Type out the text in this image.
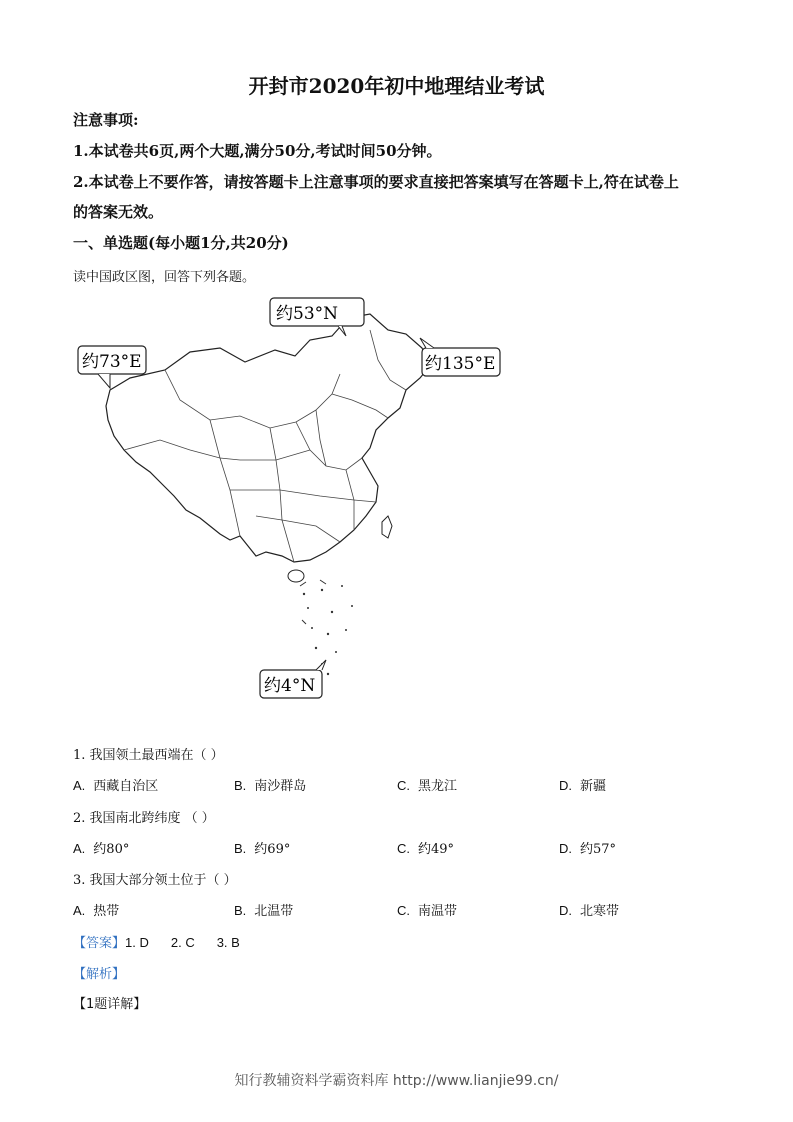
开封市2020年初中地理结业考试
注意事项:
1.本试卷共6页,两个大题,满分50分,考试时间50分钟。
2.本试卷上不要作答，请按答题卡上注意事项的要求直接把答案填写在答题卡上,符在试卷上
的答案无效。
一、单选题(每小题1分,共20分)
读中国政区图，回答下列各题。
约53°N
约73°E	约135°E
约4°N
1. 我国领土最西端在（ ）
A. 西藏自治区	B. 南沙群岛	C. 黑龙江	D. 新疆
2. 我国南北跨纬度 （ ）
A. 约80°	B. 约69°	C. 约49°	D. 约57°
3. 我国大部分领土位于（ ）
A. 热带	B. 北温带	C. 南温带	D. 北寒带
【答案】1. D 2. C 3. B
【解析】
【1题详解】
知行教辅资料学霸资料库 http://www.lianjie99.cn/
